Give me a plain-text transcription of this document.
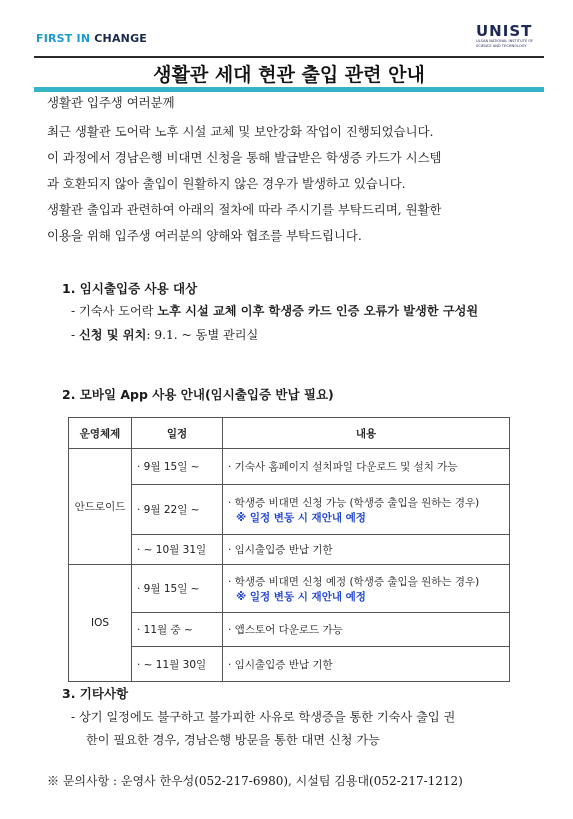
FIRST IN CHANGE	UNIST
ULSAN NATIONAL INSTITUTE OF SCIENCE AND TECHNOLOGY
생활관 세대 현관 출입 관련 안내
생활관 입주생 여러분께
최근 생활관 도어락 노후 시설 교체 및 보안강화 작업이 진행되었습니다.
이 과정에서 경남은행 비대면 신청을 통해 발급받은 학생증 카드가 시스템
과 호환되지 않아 출입이 원활하지 않은 경우가 발생하고 있습니다.
생활관 출입과 관련하여 아래의 절차에 따라 주시기를 부탁드리며, 원활한
이용을 위해 입주생 여러분의 양해와 협조를 부탁드립니다.
1. 임시출입증 사용 대상
- 기숙사 도어락 노후 시설 교체 이후 학생증 카드 인증 오류가 발생한 구성원
- 신청 및 위치: 9.1. ~ 동별 관리실
2. 모바일 App 사용 안내(임시출입증 반납 필요)
운영체제	일정	내용
안드로이드	· 9월 15일 ~	· 기숙사 홈페이지 설치파일 다운로드 및 설치 가능

	· 9월 22일 ~	· 학생증 비대면 신청 가능 (학생증 출입을 원하는 경우)
※ 일정 변동 시 재안내 예정

	· ~ 10월 31일	· 임시출입증 반납 기한

IOS	· 9월 15일 ~	· 학생증 비대면 신청 예정 (학생증 출입을 원하는 경우)
※ 일정 변동 시 재안내 예정

	· 11월 중 ~	· 앱스토어 다운로드 가능

	· ~ 11월 30일	· 임시출입증 반납 기한
3. 기타사항
- 상기 일정에도 불구하고 불가피한 사유로 학생증을 통한 기숙사 출입 권
한이 필요한 경우, 경남은행 방문을 통한 대면 신청 가능
※ 문의사항 : 운영사 한우성(052-217-6980), 시설팀 김용대(052-217-1212)
